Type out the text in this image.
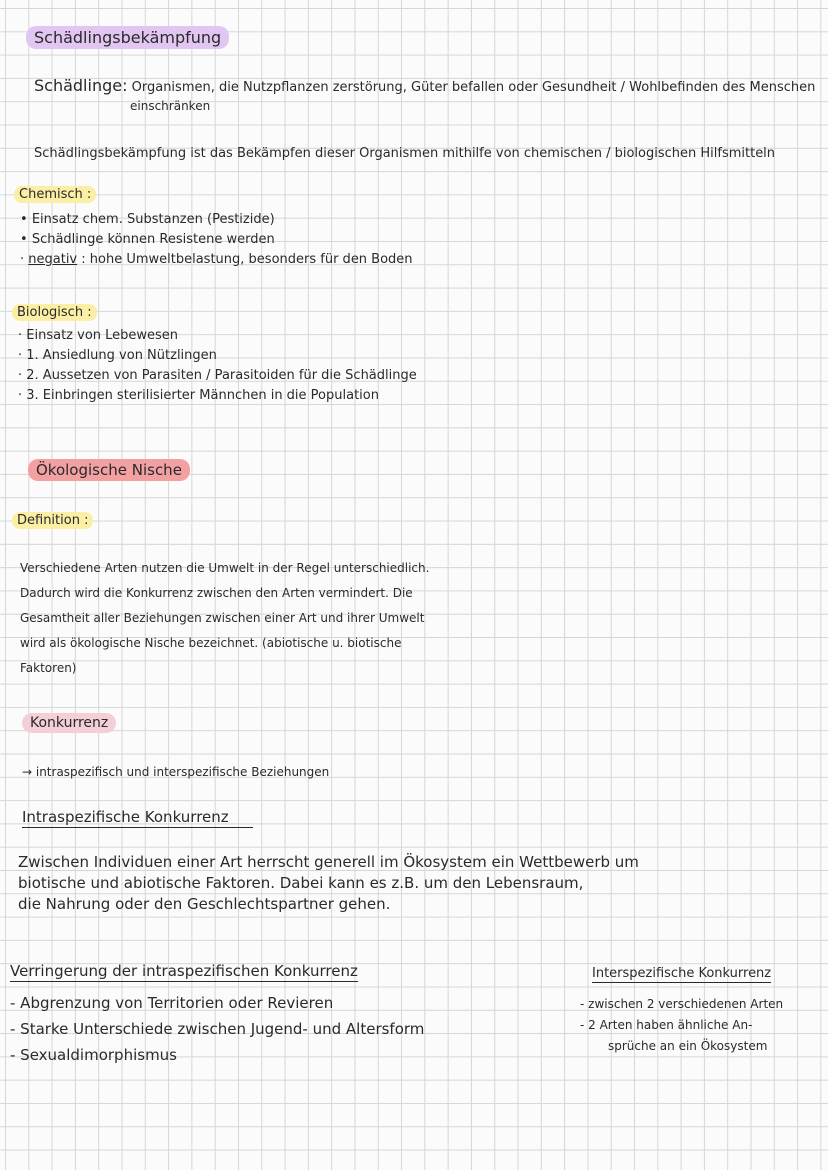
Schädlingsbekämpfung
Schädlinge: Organismen, die Nutzpflanzen zerstörung, Güter befallen oder Gesundheit / Wohlbefinden des Menschen
einschränken
Schädlingsbekämpfung ist das Bekämpfen dieser Organismen mithilfe von chemischen / biologischen Hilfsmitteln
Chemisch :

• Einsatz chem. Substanzen (Pestizide)

• Schädlinge können Resistene werden

· negativ : hohe Umweltbelastung, besonders für den Boden

Biologisch :

· Einsatz von Lebewesen

· 1. Ansiedlung von Nützlingen

· 2. Aussetzen von Parasiten / Parasitoiden für die Schädlinge

· 3. Einbringen sterilisierter Männchen in die Population

Ökologische Nische
Definition :
Verschiedene Arten nutzen die Umwelt in der Regel unterschiedlich.
Dadurch wird die Konkurrenz zwischen den Arten vermindert. Die
Gesamtheit aller Beziehungen zwischen einer Art und ihrer Umwelt
wird als ökologische Nische bezeichnet. (abiotische u. biotische
Faktoren)
Konkurrenz
→ intraspezifisch und interspezifische Beziehungen
Intraspezifische Konkurrenz
Zwischen Individuen einer Art herrscht generell im Ökosystem ein Wettbewerb um
biotische und abiotische Faktoren. Dabei kann es z.B. um den Lebensraum,
die Nahrung oder den Geschlechtspartner gehen.
Verringerung der intraspezifischen Konkurrenz
- Abgrenzung von Territorien oder Revieren
- Starke Unterschiede zwischen Jugend- und Altersform
- Sexualdimorphismus
Interspezifische Konkurrenz
- zwischen 2 verschiedenen Arten
- 2 Arten haben ähnliche An-
sprüche an ein Ökosystem
